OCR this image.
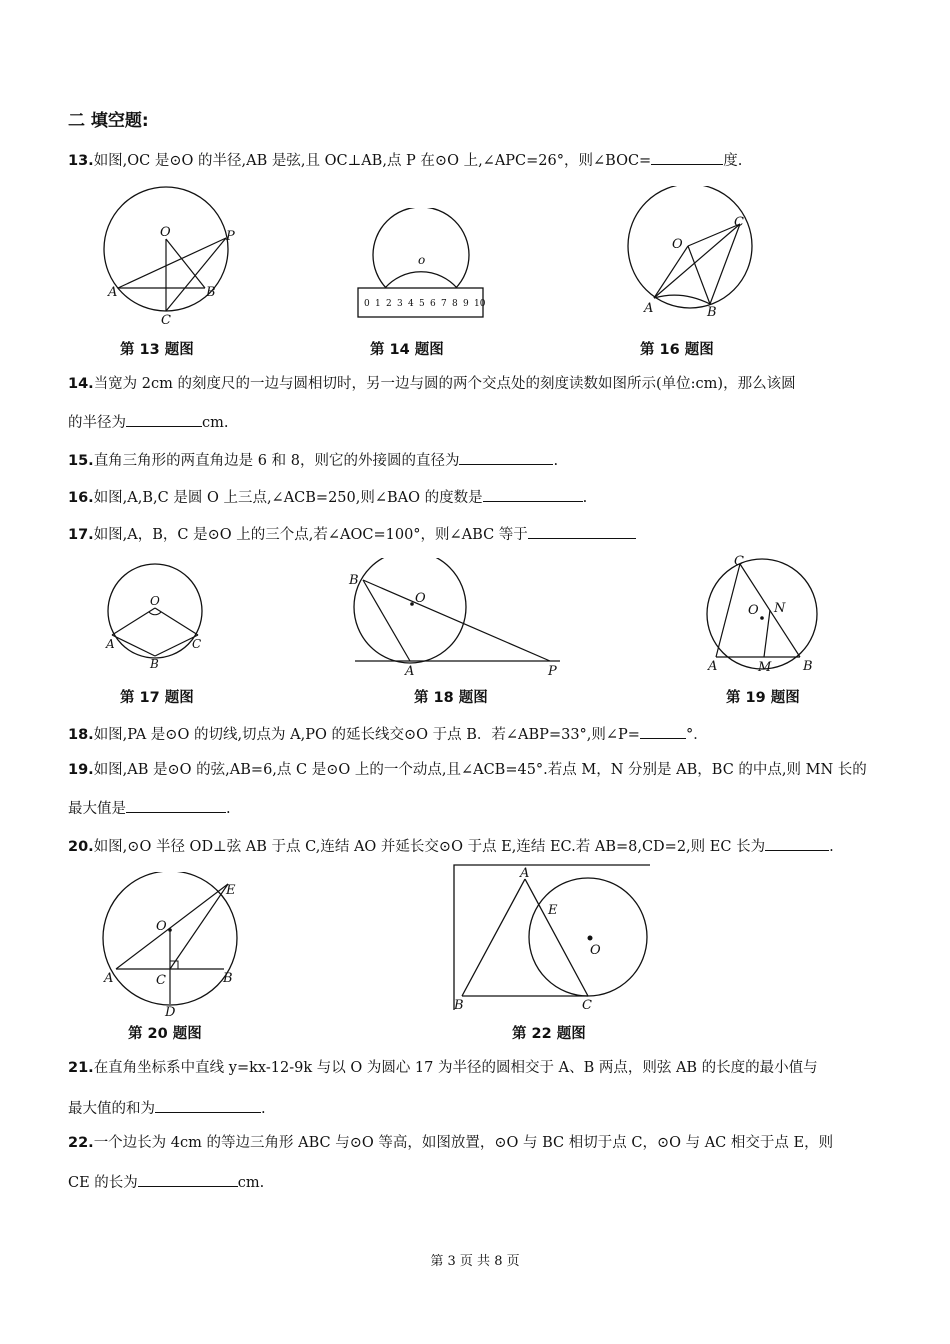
二 填空题:
13.如图,OC 是⊙O 的半径,AB 是弦,且 OC⊥AB,点 P 在⊙O 上,∠APC=26°，则∠BOC=	度.
O	P
A	B
C
o
0 1 2 3 4 5 6 7 8 9 10
O
C
A	B
第 13 题图	第 14 题图	第 16 题图
14.当宽为 2cm 的刻度尺的一边与圆相切时，另一边与圆的两个交点处的刻度读数如图所示(单位:cm)，那么该圆
的半径为	cm.
15.直角三角形的两直角边是 6 和 8，则它的外接圆的直径为	.
16.如图,A,B,C 是圆 O 上三点,∠ACB=250,则∠BAO 的度数是	.
17.如图,A，B，C 是⊙O 上的三个点,若∠AOC=100°，则∠ABC 等于
O
A
B
C
O
B
A	P
C
O N
A	M B
第 17 题图	第 18 题图	第 19 题图
18.如图,PA 是⊙O 的切线,切点为 A,PO 的延长线交⊙O 于点 B．若∠ABP=33°,则∠P=	°．
19.如图,AB 是⊙O 的弦,AB=6,点 C 是⊙O 上的一个动点,且∠ACB=45°.若点 M，N 分别是 AB，BC 的中点,则 MN 长的
最大值是	.
20.如图,⊙O 半径 OD⊥弦 AB 于点 C,连结 AO 并延长交⊙O 于点 E,连结 EC.若 AB=8,CD=2,则 EC 长为	.
O
E
A	C	B
D
A
E
O
B	C
第 20 题图	第 22 题图
21.在直角坐标系中直线 y=kx-12-9k 与以 O 为圆心 17 为半径的圆相交于 A、B 两点，则弦 AB 的长度的最小值与
最大值的和为	.
22.一个边长为 4cm 的等边三角形 ABC 与⊙O 等高，如图放置，⊙O 与 BC 相切于点 C，⊙O 与 AC 相交于点 E，则
CE 的长为	cm.
第 3 页 共 8 页
